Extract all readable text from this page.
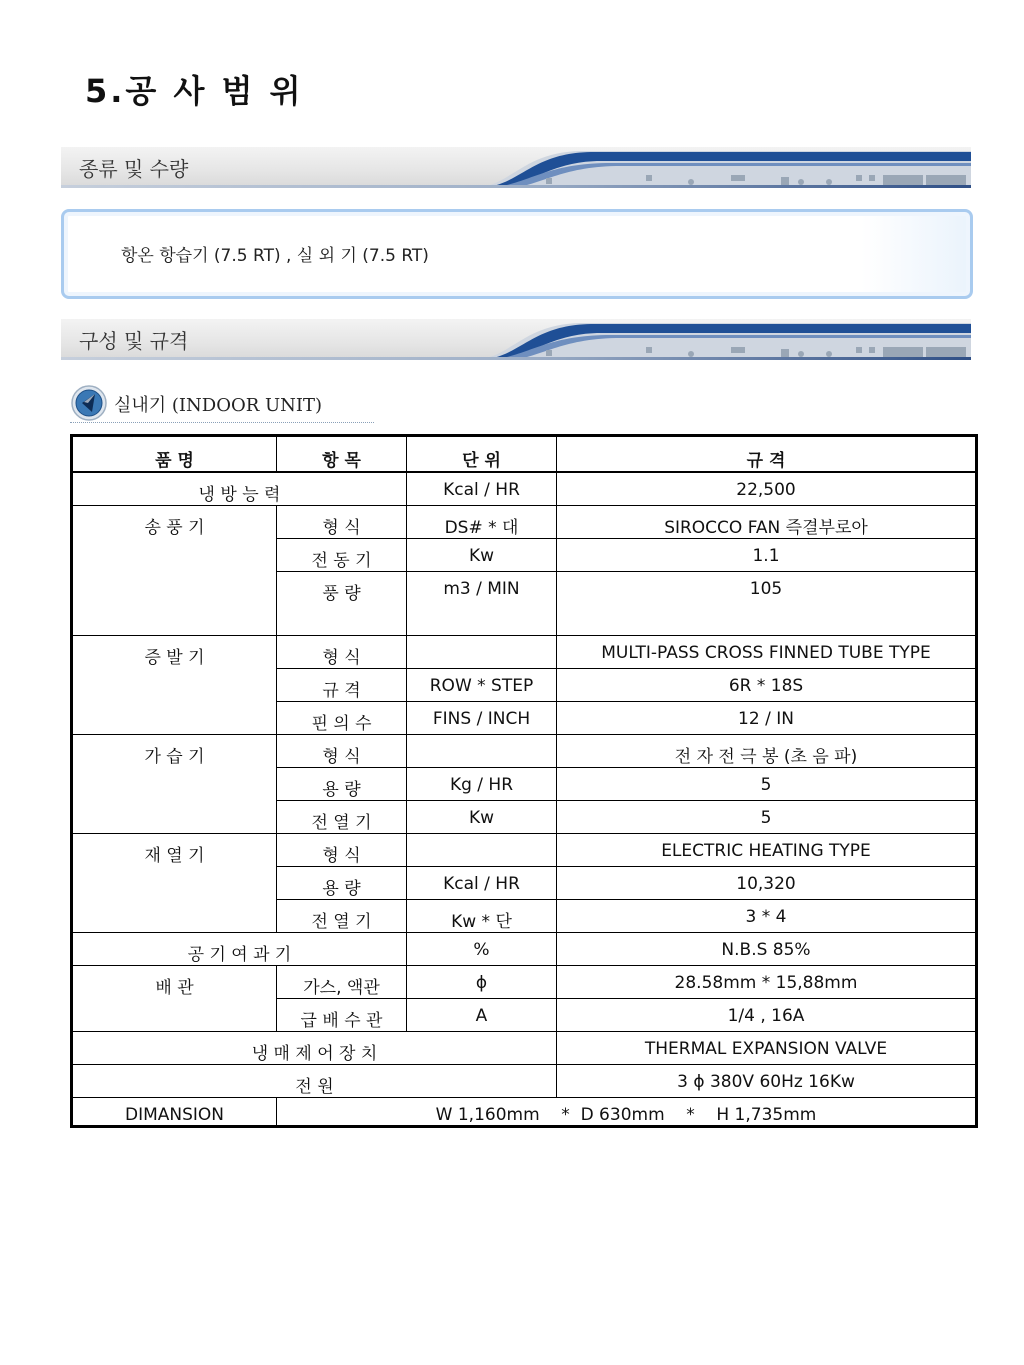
5.공 사 범 위
종류 및 수량
항온 항습기 (7.5 RT) , 실 외 기 (7.5 RT)
구성 및 규격
실내기 (INDOOR UNIT)
품 명	항 목	단 위	규 격
냉 방 능 력		Kcal / HR	22,500
송 풍 기	형 식	DS# * 대	SIROCCO FAN 즉결부로아
	전 동 기	Kw	1.1
	풍 량	m3 / MIN	105
증 발 기	형 식		MULTI-PASS CROSS FINNED TUBE TYPE
	규 격	ROW * STEP	6R * 18S
	핀 의 수	FINS / INCH	12 / IN
가 습 기	형 식		전 자 전 극 봉 (초 음 파)
	용 량	Kg / HR	5
	전 열 기	Kw	5
재 열 기	형 식		ELECTRIC HEATING TYPE
	용 량	Kcal / HR	10,320
	전 열 기	Kw * 단	3 * 4
공 기 여 과 기		%	N.B.S 85%
배 관	가스, 액관	ϕ	28.58mm * 15,88mm
	급 배 수 관	A	1/4 , 16A
냉 매 제 어 장 치			THERMAL EXPANSION VALVE
전 원			3 ϕ 380V 60Hz 16Kw
DIMANSION	W 1,160mm    *  D 630mm    *    H 1,735mm		
